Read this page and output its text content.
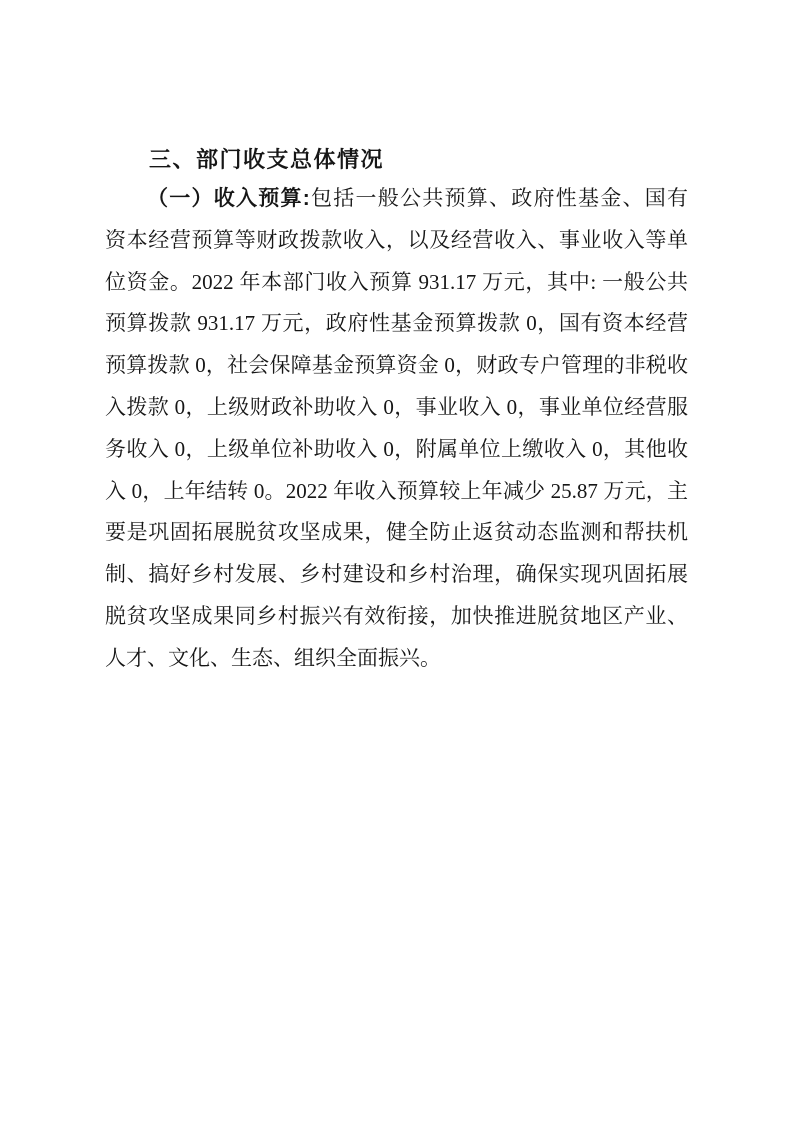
三、部门收支总体情况
（一）收入预算:包括一般公共预算、政府性基金、国有
资本经营预算等财政拨款收入，以及经营收入、事业收入等单
位资金。2022 年本部门收入预算 931.17 万元，其中: 一般公共
预算拨款 931.17 万元，政府性基金预算拨款 0，国有资本经营
预算拨款 0，社会保障基金预算资金 0，财政专户管理的非税收
入拨款 0，上级财政补助收入 0，事业收入 0，事业单位经营服
务收入 0，上级单位补助收入 0，附属单位上缴收入 0，其他收
入 0，上年结转 0。2022 年收入预算较上年减少 25.87 万元，主
要是巩固拓展脱贫攻坚成果，健全防止返贫动态监测和帮扶机
制、搞好乡村发展、乡村建设和乡村治理，确保实现巩固拓展
脱贫攻坚成果同乡村振兴有效衔接，加快推进脱贫地区产业、
人才、文化、生态、组织全面振兴。
